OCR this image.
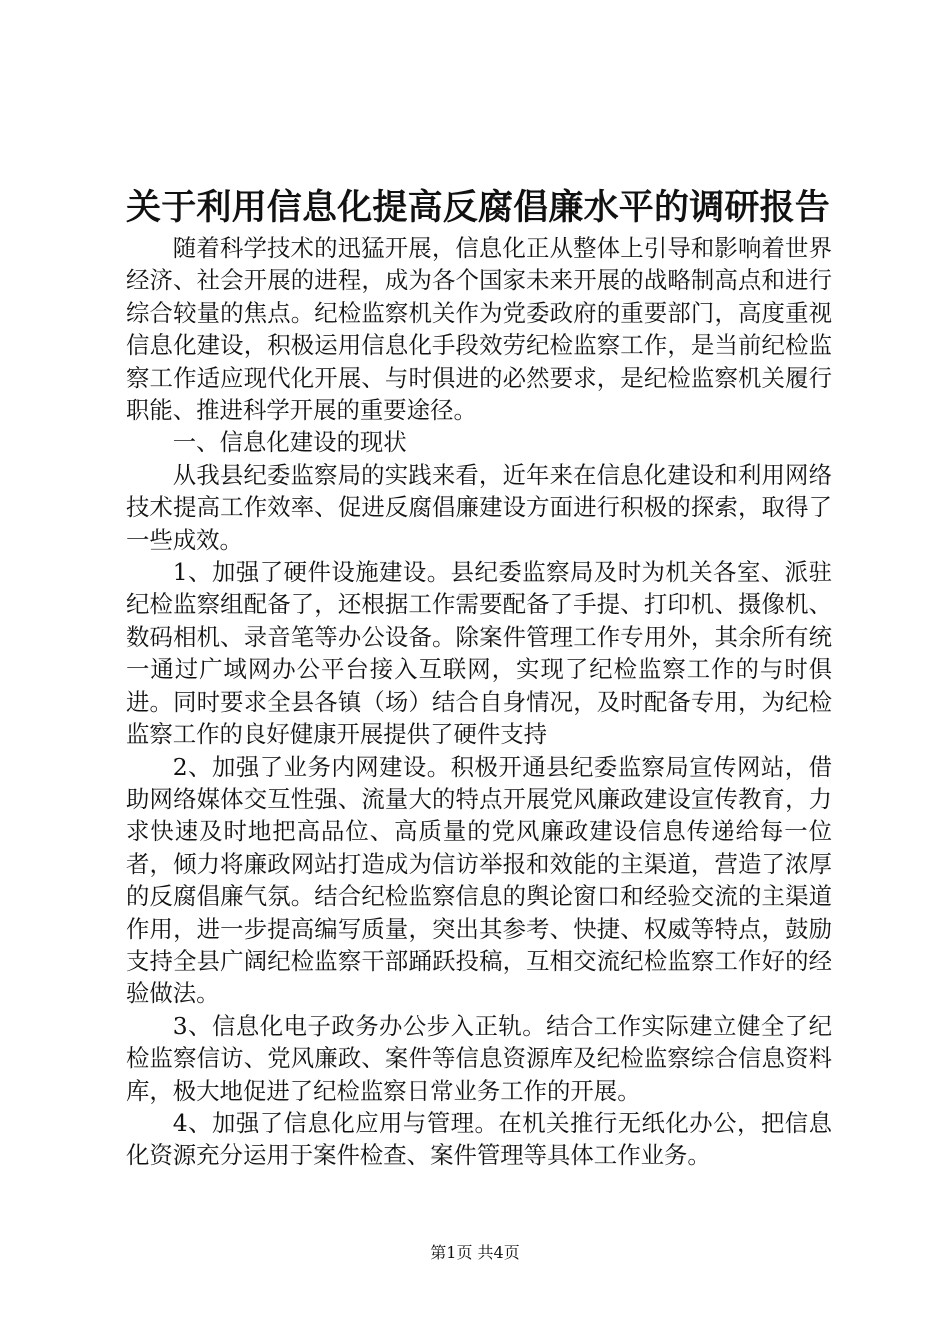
关于利用信息化提高反腐倡廉水平的调研报告

随着科学技术的迅猛开展，信息化正从整体上引导和影响着世界经济、社会开展的进程，成为各个国家未来开展的战略制高点和进行综合较量的焦点。纪检监察机关作为党委政府的重要部门，高度重视信息化建设，积极运用信息化手段效劳纪检监察工作，是当前纪检监察工作适应现代化开展、与时俱进的必然要求，是纪检监察机关履行职能、推进科学开展的重要途径。

一、信息化建设的现状

从我县纪委监察局的实践来看，近年来在信息化建设和利用网络技术提高工作效率、促进反腐倡廉建设方面进行积极的探索，取得了一些成效。

1、加强了硬件设施建设。县纪委监察局及时为机关各室、派驻纪检监察组配备了，还根据工作需要配备了手提、打印机、摄像机、数码相机、录音笔等办公设备。除案件管理工作专用外，其余所有统一通过广域网办公平台接入互联网，实现了纪检监察工作的与时俱进。同时要求全县各镇（场）结合自身情况，及时配备专用，为纪检监察工作的良好健康开展提供了硬件支持

2、加强了业务内网建设。积极开通县纪委监察局宣传网站，借助网络媒体交互性强、流量大的特点开展党风廉政建设宣传教育，力求快速及时地把高品位、高质量的党风廉政建设信息传递给每一位者，倾力将廉政网站打造成为信访举报和效能的主渠道，营造了浓厚的反腐倡廉气氛。结合纪检监察信息的舆论窗口和经验交流的主渠道作用，进一步提高编写质量，突出其参考、快捷、权威等特点，鼓励支持全县广阔纪检监察干部踊跃投稿，互相交流纪检监察工作好的经验做法。

3、信息化电子政务办公步入正轨。结合工作实际建立健全了纪检监察信访、党风廉政、案件等信息资源库及纪检监察综合信息资料库，极大地促进了纪检监察日常业务工作的开展。

4、加强了信息化应用与管理。在机关推行无纸化办公，把信息化资源充分运用于案件检查、案件管理等具体工作业务。

第1页 共4页
